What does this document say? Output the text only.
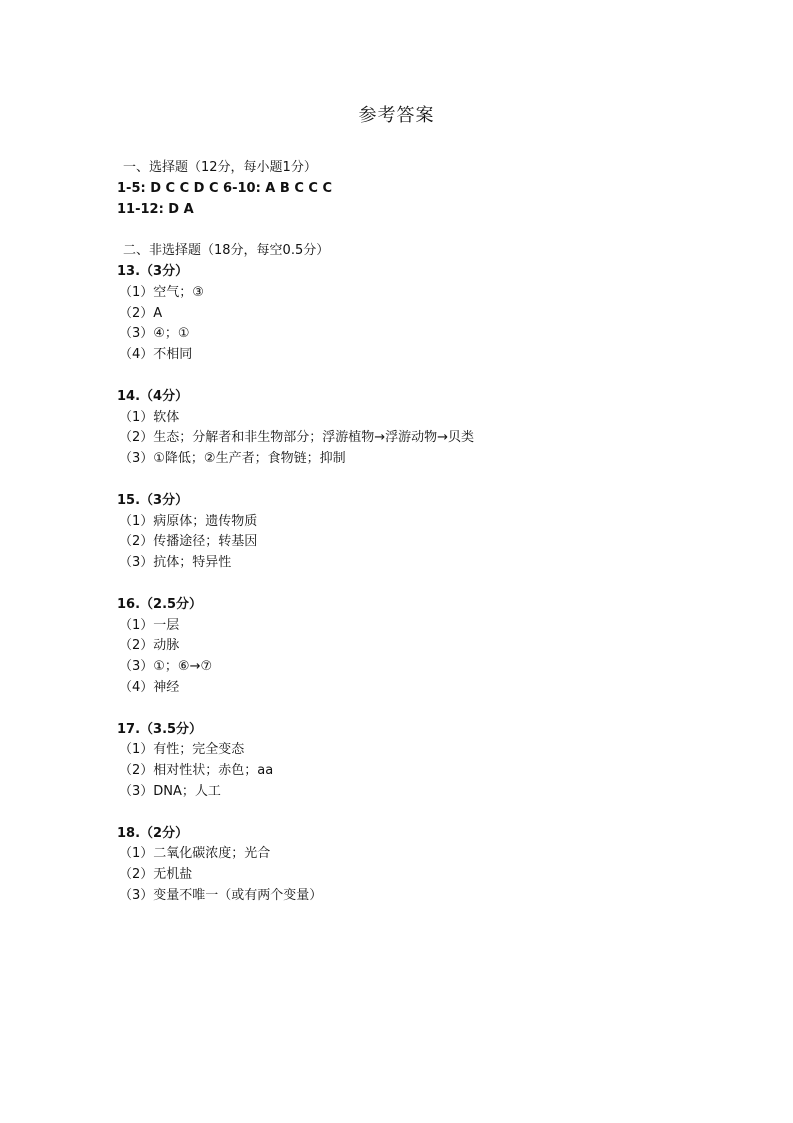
参考答案
一、选择题（12分，每小题1分）
1-5: D C C D C 6-10: A B C C C
11-12: D A
二、非选择题（18分，每空0.5分）
13.（3分）
（1）空气；③
（2）A
（3）④；①
（4）不相同
14.（4分）
（1）软体
（2）生态；分解者和非生物部分；浮游植物→浮游动物→贝类
（3）①降低；②生产者；食物链；抑制
15.（3分）
（1）病原体；遗传物质
（2）传播途径；转基因
（3）抗体；特异性
16.（2.5分）
（1）一层
（2）动脉
（3）①；⑥→⑦
（4）神经
17.（3.5分）
（1）有性；完全变态
（2）相对性状；赤色；aa
（3）DNA；人工
18.（2分）
（1）二氧化碳浓度；光合
（2）无机盐
（3）变量不唯一（或有两个变量）
